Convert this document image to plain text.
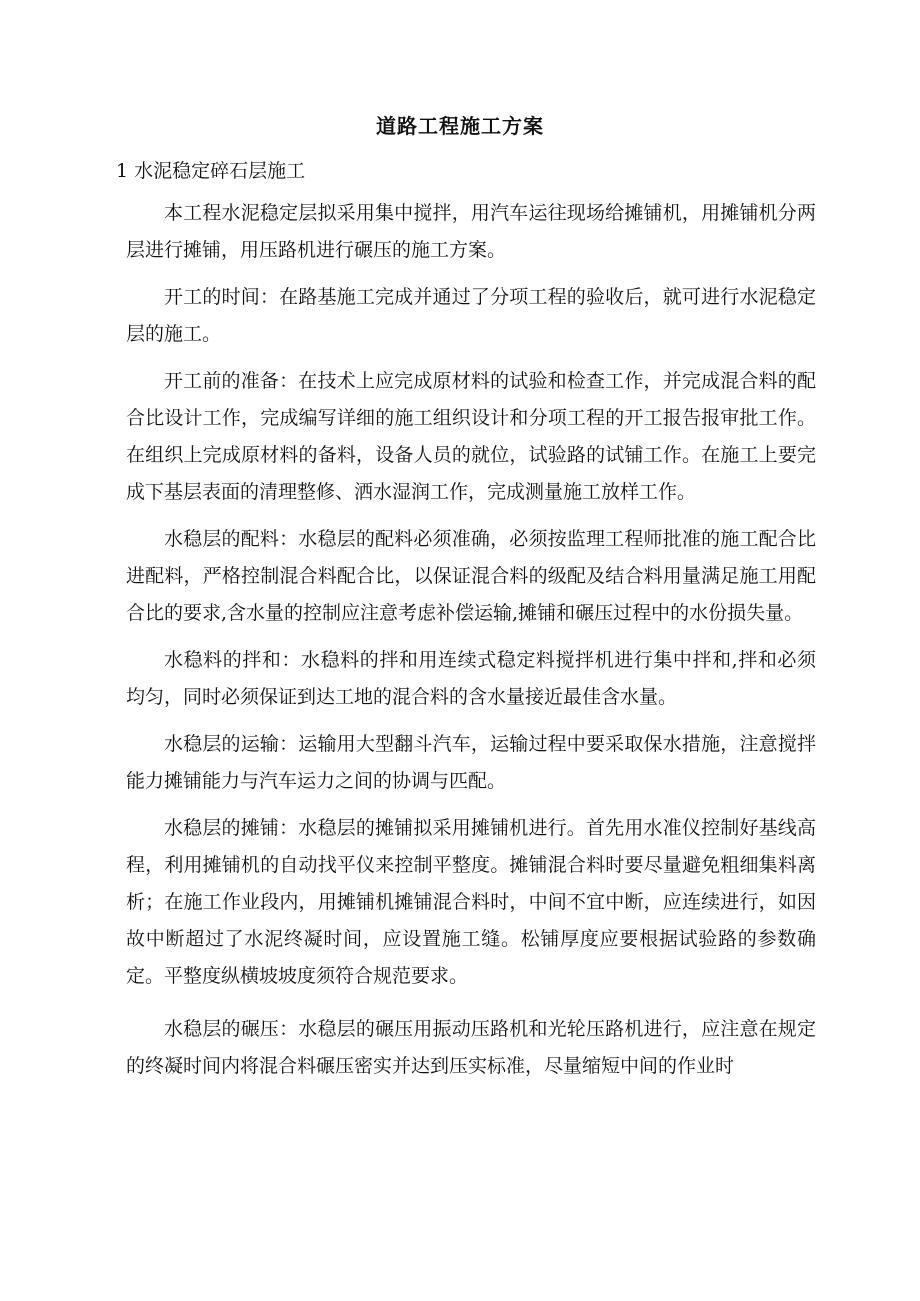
道路工程施工方案
1 水泥稳定碎石层施工

本工程水泥稳定层拟采用集中搅拌，用汽车运往现场给摊铺机，用摊铺机分两层进行摊铺，用压路机进行碾压的施工方案。

开工的时间：在路基施工完成并通过了分项工程的验收后，就可进行水泥稳定层的施工。

开工前的准备：在技术上应完成原材料的试验和检查工作，并完成混合料的配合比设计工作，完成编写详细的施工组织设计和分项工程的开工报告报审批工作。在组织上完成原材料的备料，设备人员的就位，试验路的试铺工作。在施工上要完成下基层表面的清理整修、洒水湿润工作，完成测量施工放样工作。

水稳层的配料：水稳层的配料必须准确，必须按监理工程师批准的施工配合比进配料，严格控制混合料配合比，以保证混合料的级配及结合料用量满足施工用配合比的要求,含水量的控制应注意考虑补偿运输,摊铺和碾压过程中的水份损失量。

水稳料的拌和：水稳料的拌和用连续式稳定料搅拌机进行集中拌和,拌和必须均匀，同时必须保证到达工地的混合料的含水量接近最佳含水量。

水稳层的运输：运输用大型翻斗汽车，运输过程中要采取保水措施，注意搅拌能力摊铺能力与汽车运力之间的协调与匹配。

水稳层的摊铺：水稳层的摊铺拟采用摊铺机进行。首先用水准仪控制好基线高程，利用摊铺机的自动找平仪来控制平整度。摊铺混合料时要尽量避免粗细集料离析；在施工作业段内，用摊铺机摊铺混合料时，中间不宜中断，应连续进行，如因故中断超过了水泥终凝时间，应设置施工缝。松铺厚度应要根据试验路的参数确定。平整度纵横坡坡度须符合规范要求。

水稳层的碾压：水稳层的碾压用振动压路机和光轮压路机进行，应注意在规定的终凝时间内将混合料碾压密实并达到压实标准，尽量缩短中间的作业时
